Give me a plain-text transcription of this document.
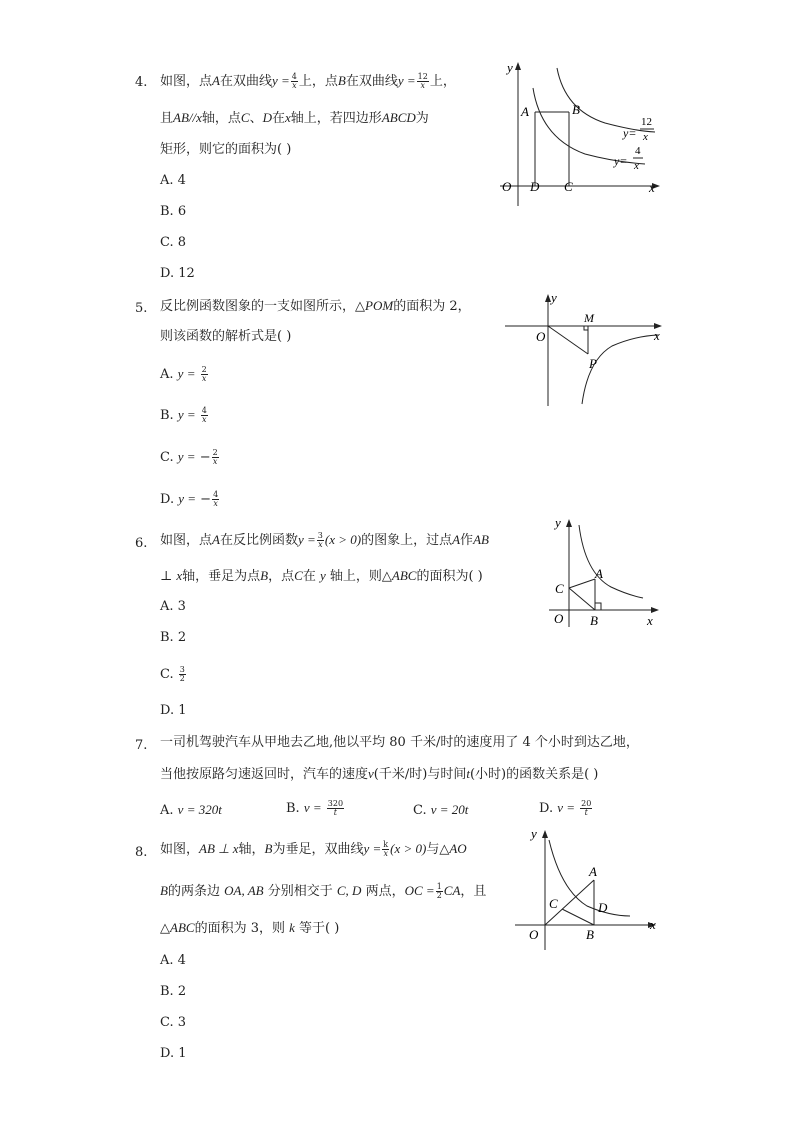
4. 如图，点A在双曲线$y = \frac{4}{x}$ 上，点B在双曲线$y = \frac{12}{x}$ 上，
且AB//x轴，点C、D在x轴上，若四边形ABCD为
矩形，则它的面积为( )
A. 4
B. 6
C. 8
D. 12
y
x
O D C
A	B
y=
12
x
y=
4
x
5. 反比例函数图象的一支如图所示，△POM的面积为 2，
则该函数的解析式是( )
A. $y = \frac{2}{x}$
B. $y = \frac{4}{x}$
C. y = − $\frac{2}{x}$
D. y = − $\frac{4}{x}$
y
x
O
M
P
6. 如图，点A在反比例函数$y = \frac{3}{x} (x > 0)$的图象上，过点A作AB
⊥ x轴，垂足为点B，点C在 y 轴上，则△ABC的面积为( )
A. 3
B. 2
C. $\frac{3}{2}$
D. 1
y
x
O B
A
C
7. 一司机驾驶汽车从甲地去乙地,他以平均 80 千米/时的速度用了 4 个小时到达乙地，
当他按原路匀速返回时，汽车的速度v(千米/时)与时间t(小时)的函数关系是( )
A. v = 320t	B. $v = \frac{320}{t}$	C. v = 20t	D. $v = \frac{20}{t}$
8. 如图，AB ⊥ x轴，B为垂足，双曲线$y = \frac{k}{x} (x > 0)$与△AO
B的两条边 OA, AB 分别相交于 C, D 两点，OC = $\frac{1}{2}$ CA，且
△ABC的面积为 3，则 k 等于( )
A. 4
B. 2
C. 3
D. 1
y
x
O	B
A
C	D
